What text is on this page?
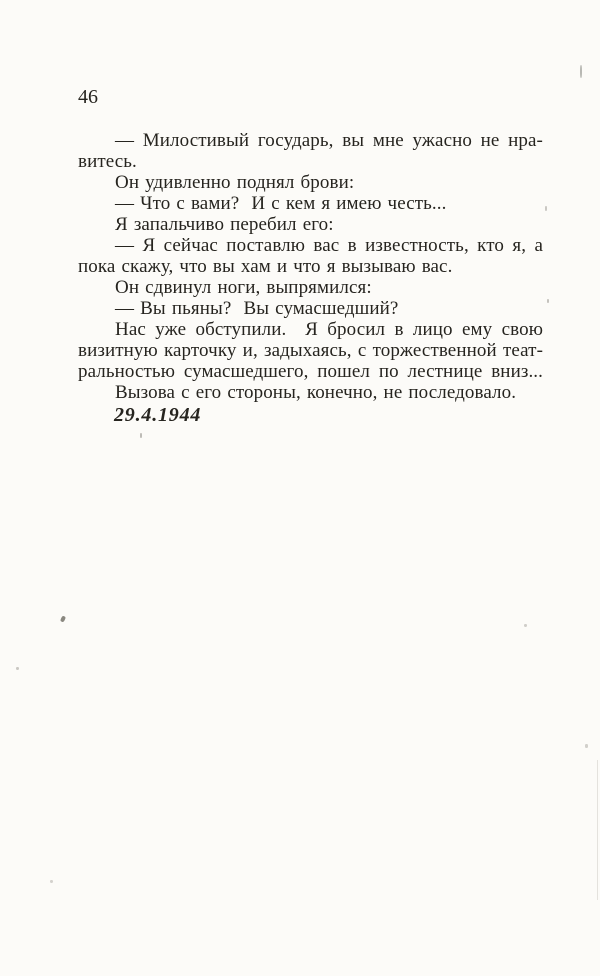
46
— Милостивый государь, вы мне ужасно не нра-
витесь.
Он удивленно поднял брови:
— Что с вами?  И с кем я имею честь...
Я запальчиво перебил его:
— Я сейчас поставлю вас в известность, кто я, а
пока скажу, что вы хам и что я вызываю вас.
Он сдвинул ноги, выпрямился:
— Вы пьяны?  Вы сумасшедший?
Нас уже обступили.  Я бросил в лицо ему свою
визитную карточку и, задыхаясь, с торжественной теат-
ральностью сумасшедшего, пошел по лестнице вниз...
Вызова с его стороны, конечно, не последовало.
29.4.1944
